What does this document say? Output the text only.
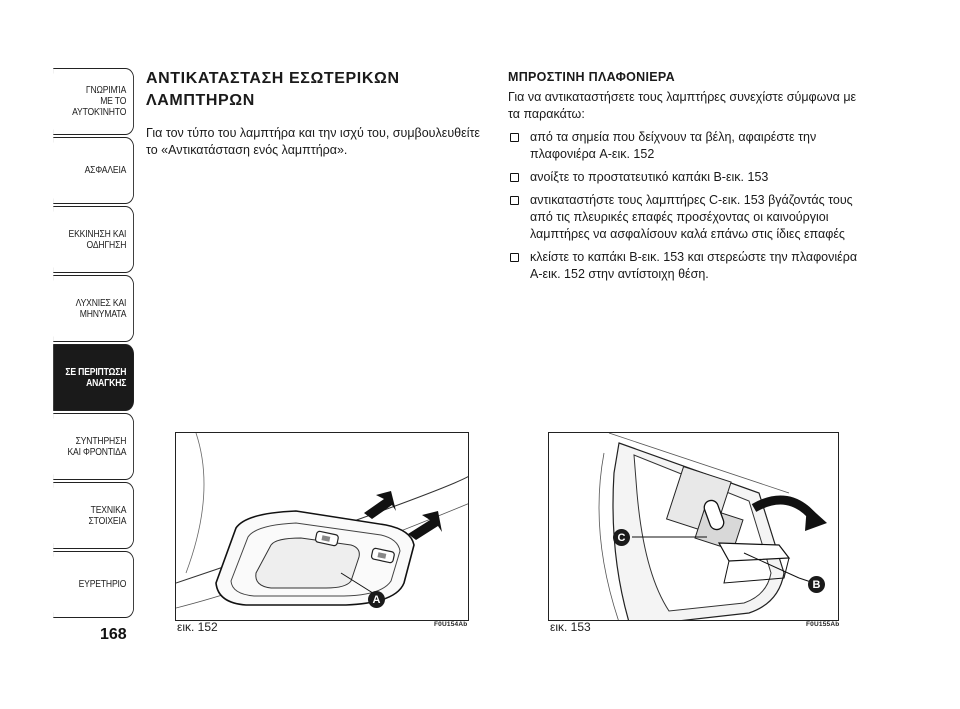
ΓΝΩΡΙΜΊΑ
ΜΕ ΤΟ
ΑΥΤΟΚΊΝΗΤΟ
ΑΣΦΑΛΕΙΑ
ΕΚΚΙΝΗΣΗ ΚΑΙ
ΟΔΗΓΗΣΗ
ΛΥΧΝΙΕΣ ΚΑΙ
ΜΗΝΥΜΑΤΑ
ΣΕ ΠΕΡΙΠΤΩΣΗ
ΑΝΑΓΚΗΣ
ΣΥΝΤΗΡΗΣΗ
ΚΑΙ ΦΡΟΝΤΙΔΑ
ΤΕΧΝΙΚΑ
ΣΤΟΙΧΕΙΑ
ΕΥΡΕΤΗΡΙΟ
168
ΑΝΤΙΚΑΤΑΣΤΑΣΗ ΕΣΩΤΕΡΙΚΩΝ
ΛΑΜΠΤΗΡΩΝ
Για τον τύπο του λαμπτήρα και την ισχύ του, συμβουλευθείτε το «Αντικατάσταση ενός λαμπτήρα».
ΜΠΡΟΣΤΙΝΗ ΠΛΑΦΟΝΙΕΡΑ
Για να αντικαταστήσετε τους λαμπτήρες συνεχίστε σύμφωνα με τα παρακάτω:
από τα σημεία που δείχνουν τα βέλη, αφαιρέστε την πλαφονιέρα A-εικ. 152
ανοίξτε το προστατευτικό καπάκι B-εικ. 153
αντικαταστήστε τους λαμπτήρες C-εικ. 153 βγάζοντάς τους από τις πλευρικές επαφές προσέχοντας οι καινούργιοι λαμπτήρες να ασφαλίσουν καλά επάνω στις ίδιες επαφές
κλείστε το καπάκι B-εικ. 153 και στερεώστε την πλαφονιέρα A-εικ. 152 στην αντίστοιχη θέση.
A
εικ. 152	F0U154Ab
C
B
εικ. 153	F0U155Ab
